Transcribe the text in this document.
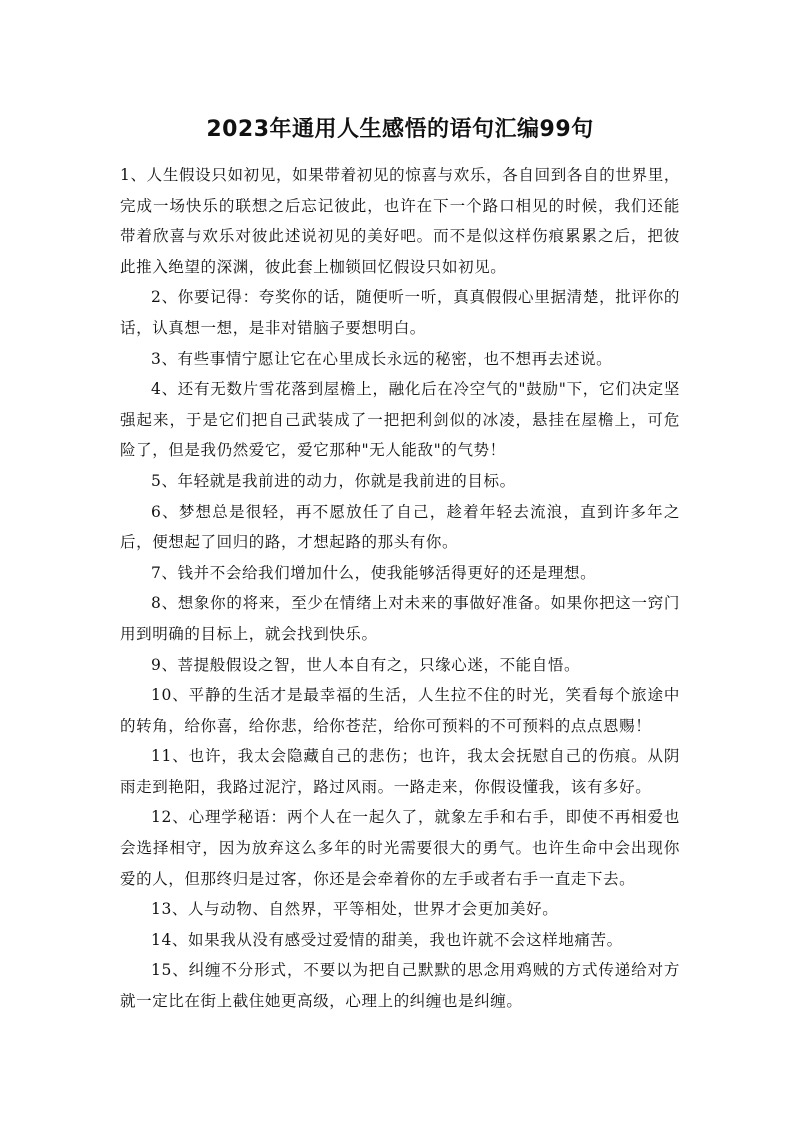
2023年通用人生感悟的语句汇编99句

1、人生假设只如初见，如果带着初见的惊喜与欢乐，各自回到各自的世界里，完成一场快乐的联想之后忘记彼此，也许在下一个路口相见的时候，我们还能带着欣喜与欢乐对彼此述说初见的美好吧。而不是似这样伤痕累累之后，把彼此推入绝望的深渊，彼此套上枷锁回忆假设只如初见。

2、你要记得：夸奖你的话，随便听一听，真真假假心里据清楚，批评你的话，认真想一想，是非对错脑子要想明白。

3、有些事情宁愿让它在心里成长永远的秘密，也不想再去述说。

4、还有无数片雪花落到屋檐上，融化后在冷空气的"鼓励"下，它们决定坚强起来，于是它们把自己武装成了一把把利剑似的冰凌，悬挂在屋檐上，可危险了，但是我仍然爱它，爱它那种"无人能敌"的气势！

5、年轻就是我前进的动力，你就是我前进的目标。

6、梦想总是很轻，再不愿放任了自己，趁着年轻去流浪，直到许多年之后，便想起了回归的路，才想起路的那头有你。

7、钱并不会给我们增加什么，使我能够活得更好的还是理想。

8、想象你的将来，至少在情绪上对未来的事做好准备。如果你把这一窍门用到明确的目标上，就会找到快乐。

9、菩提般假设之智，世人本自有之，只缘心迷，不能自悟。

10、平静的生活才是最幸福的生活，人生拉不住的时光，笑看每个旅途中的转角，给你喜，给你悲，给你苍茫，给你可预料的不可预料的点点恩赐！

11、也许，我太会隐藏自己的悲伤；也许，我太会抚慰自己的伤痕。从阴雨走到艳阳，我路过泥泞，路过风雨。一路走来，你假设懂我，该有多好。

12、心理学秘语：两个人在一起久了，就象左手和右手，即使不再相爱也会选择相守，因为放弃这么多年的时光需要很大的勇气。也许生命中会出现你爱的人，但那终归是过客，你还是会牵着你的左手或者右手一直走下去。

13、人与动物、自然界，平等相处，世界才会更加美好。

14、如果我从没有感受过爱情的甜美，我也许就不会这样地痛苦。

15、纠缠不分形式，不要以为把自己默默的思念用鸡贼的方式传递给对方就一定比在街上截住她更高级，心理上的纠缠也是纠缠。
